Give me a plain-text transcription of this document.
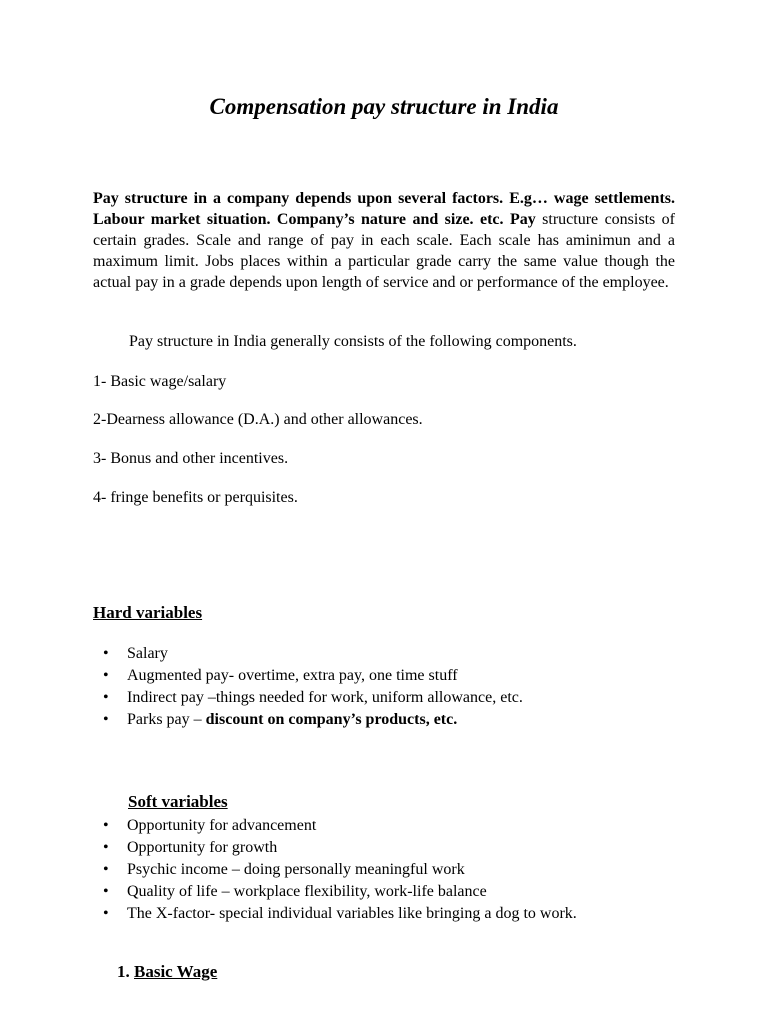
Compensation pay structure in India

Pay structure in a company depends upon several factors. E.g… wage settlements. Labour market situation. Company’s nature and size. etc. Pay structure consists of certain grades. Scale and range of pay in each scale. Each scale has aminimun and a maximum limit. Jobs places within a particular grade carry the same value though the actual pay in a grade depends upon length of service and or performance of the employee.

Pay structure in India generally consists of the following components.

1- Basic wage/salary

2-Dearness allowance (D.A.) and other allowances.

3- Bonus and other incentives.

4- fringe benefits or perquisites.

Hard variables
• Salary
• Augmented pay- overtime, extra pay, one time stuff
• Indirect pay –things needed for work, uniform allowance, etc.
• Parks pay – discount on company’s products, etc.
Soft variables
• Opportunity for advancement
• Opportunity for growth
• Psychic income – doing personally meaningful work
• Quality of life – workplace flexibility, work-life balance
• The X-factor- special individual variables like bringing a dog to work.
1. Basic Wage
